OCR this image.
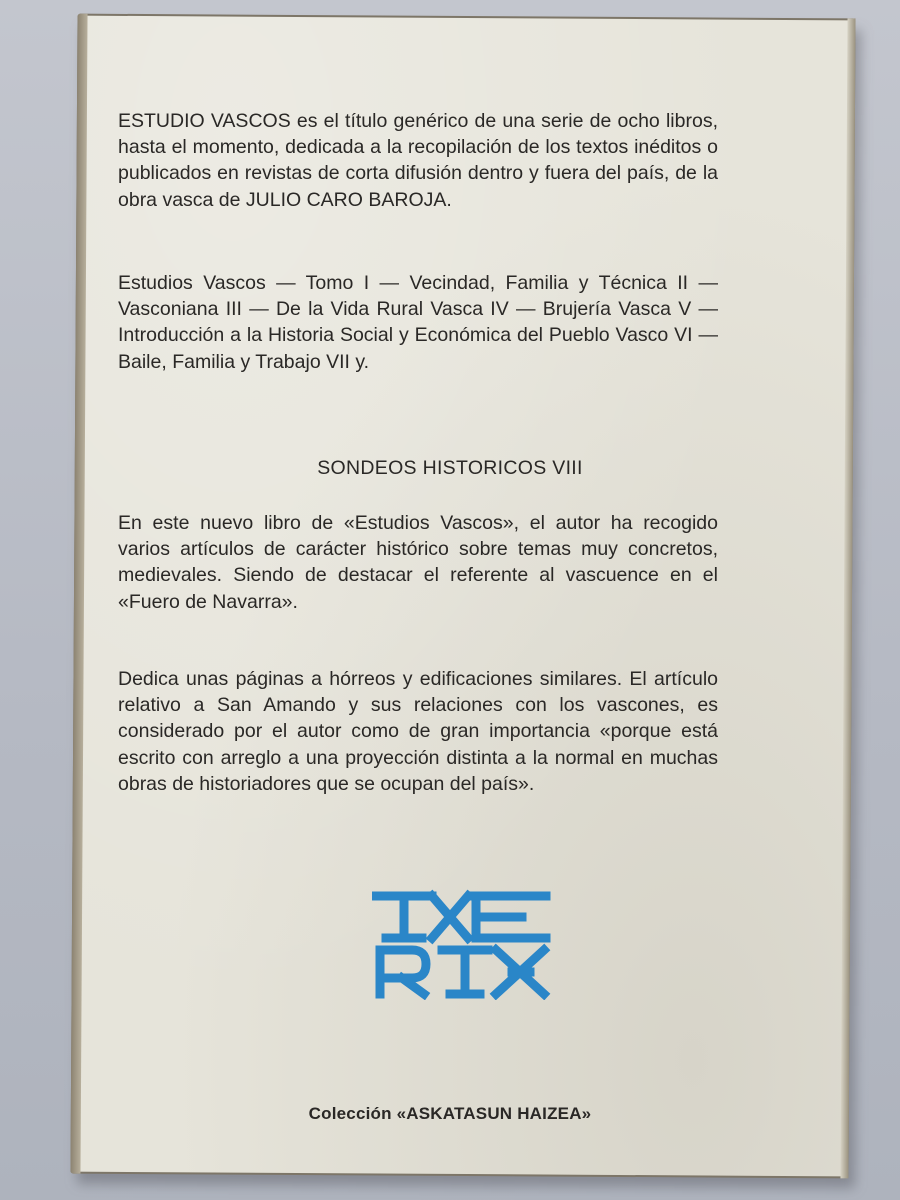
ESTUDIO VASCOS es el título genérico de una serie de ocho libros, hasta el momento, dedicada a la recopilación de los textos inéditos o publicados en revistas de corta difusión dentro y fuera del país, de la obra vasca de JULIO CARO BAROJA.

Estudios Vascos — Tomo I — Vecindad, Familia y Técnica II — Vasconiana III — De la Vida Rural Vasca IV — Brujería Vasca V — Introducción a la Historia Social y Económica del Pueblo Vasco VI — Baile, Familia y Trabajo VII y.

SONDEOS HISTORICOS VIII

En este nuevo libro de «Estudios Vascos», el autor ha recogido varios artículos de carácter histórico sobre temas muy concretos, medievales. Siendo de destacar el referente al vascuence en el «Fuero de Navarra».

Dedica unas páginas a hórreos y edificaciones similares. El artículo relativo a San Amando y sus relaciones con los vascones, es considerado por el autor como de gran importancia «porque está escrito con arreglo a una proyección distinta a la normal en muchas obras de historiadores que se ocupan del país».

Colección «ASKATASUN HAIZEA»
